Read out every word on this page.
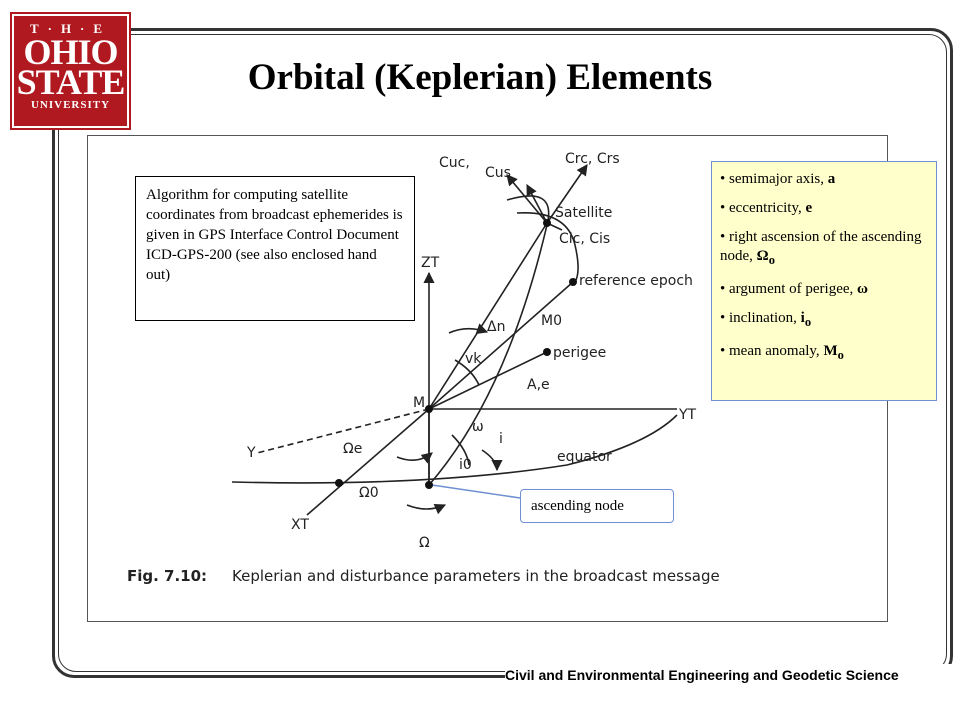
T·H·E
OHIO
STATE
UNIVERSITY
Orbital (Keplerian) Elements
Satellite
reference epoch
perigee
equator
M0
Δn
vk
A,e
ω
i
i0
ZT
YT
XT
Y
M
Ωe
Ω0
Ω
Cuc,
Cus
Crc, Crs
Cic, Cis
Fig. 7.10: Keplerian and disturbance parameters in the broadcast message
Algorithm for computing satellite coordinates from broadcast ephemerides is given in GPS Interface Control Document ICD-GPS-200 (see also enclosed hand out)
• semimajor axis, a
• eccentricity, e
• right ascension of the ascending node, $\Omega_o$
• argument of perigee, ω
• inclination, $i_o$
• mean anomaly, $M_o$
ascending node
Civil and Environmental Engineering and Geodetic Science
